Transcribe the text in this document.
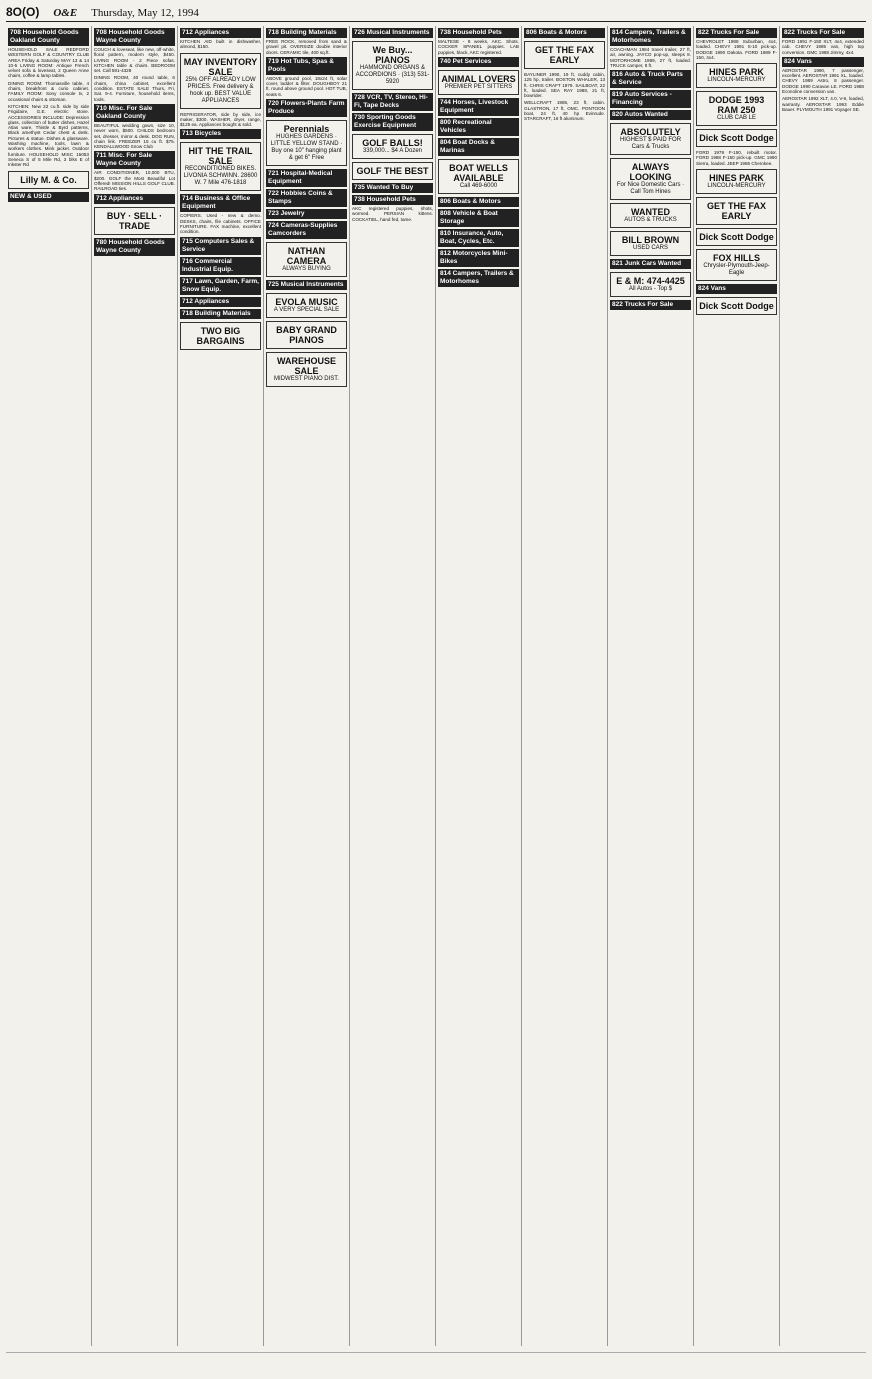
8O(O) O&E Thursday, May 12, 1994
708 Household Goods Oakland County
HOUSEHOLD SALE REDFORD WESTERN GOLF & COUNTRY CLUB AREA Friday & Saturday MAY 13 & 14 10-5 LIVING ROOM: Antique French velvet sofa & loveseat, 2 Queen Anne chairs, coffee & lamp tables.
DINING ROOM: Thomasville table, 4 chairs, breakfront & curio cabinet. FAMILY ROOM: Sony console tv, 2 occasional chairs & ottoman.
KITCHEN: New 22 cu.ft. side by side Frigidaire, G.E. electric stove. ACCESSORIES INCLUDE: Depression glass, collection of butter dishes, Hazel Atlas ware, Thistle & Byrd patterns, Black amethyst Cedar chest & desk. Pictures & statue. Dishes & glassware. Washing machine, tools, lawn & workers clothes. Mink jacket. Outdoor furniture. HOUSEHOLD MISC 15053 Seneca S of 5 Mile Rd, 3 blks E of Inkster Rd
Lilly M. & Co.
NEW & USED
708 Household Goods Wayne County
COUCH & loveseat, like new, off-white, floral pattern, modern style, $450. LIVING ROOM - 2 Piece sofas. KITCHEN table & chairs. BEDROOM set. Call 591-4328
DINING ROOM, 40 round table, 6 chairs, china cabinet, excellent condition. ESTATE SALE Thurs, Fri, Sat. 9-4. Furniture, household items, tools.
710 Misc. For Sale Oakland County
BEAUTIFUL wedding gown, size 10, never worn, $500. CHILDS bedroom set, dresser, mirror & desk. DOG RUN, chain link. FREEZER 15 cu ft. $75. KENDALLWOOD Snow Club
711 Misc. For Sale Wayne County
AIR CONDITIONER, 10,000 BTU, $200. GOLF the Most Beautiful Lot Offered! MISSION HILLS GOLF CLUB. RAILROAD ties.
712 Appliances
BUY · SELL · TRADE
780 Household Goods Wayne County
712 Appliances
KITCHEN AID built in dishwasher, almond, $150.
MAY INVENTORY SALE
25% OFF ALREADY LOW PRICES. Free delivery & hook up. BEST VALUE APPLIANCES
REFRIGERATOR, side by side, ice maker, $300. WASHER, dryer, range, $125 ea. Appliances bought & sold.
713 Bicycles
HIT THE TRAIL SALE
RECONDITIONED BIKES. LIVONIA SCHWINN. 28600 W. 7 Mile 476-1818
714 Business & Office Equipment
COPIERS. Used - new & demo. DESKS, chairs, file cabinets. OFFICE FURNITURE. FAX machine, excellent condition.
715 Computers Sales & Service
716 Commercial Industrial Equip.
717 Lawn, Garden, Farm, Snow Equip.
712 Appliances
718 Building Materials
TWO BIG BARGAINS
718 Building Materials
FREE ROCK, removed from sand & gravel pit. OVERSIZE double interior doors. CERAMIC tile, 400 sq.ft.
719 Hot Tubs, Spas & Pools
ABOVE ground pool, 18x24 ft, solar cover, ladder & filter. DOUGHBOY 21 ft. round above ground pool. HOT TUB, seats 6.
720 Flowers-Plants Farm Produce
Perennials
HUGHES GARDENS · LITTLE YELLOW STAND · Buy one 10" hanging plant & get 6" Free
721 Hospital-Medical Equipment
722 Hobbies Coins & Stamps
723 Jewelry
724 Cameras-Supplies Camcorders
NATHAN CAMERA
ALWAYS BUYING
725 Musical Instruments
EVOLA MUSIC
A VERY SPECIAL SALE
BABY GRAND PIANOS
WAREHOUSE SALE
MIDWEST PIANO DIST.
726 Musical Instruments
We Buy... PIANOS
HAMMOND ORGANS & ACCORDIONS · (313) 531-5920
728 VCR, TV, Stereo, Hi-Fi, Tape Decks
730 Sporting Goods Exercise Equipment
GOLF BALLS!
339,000... $4 A Dozen
GOLF THE BEST
735 Wanted To Buy
738 Household Pets
AKC registered puppies, shots, wormed. PERSIAN kittens. COCKATIEL, hand fed, tame.
738 Household Pets
MALTESE - 8 weeks, AKC. Shots. COCKER SPANIEL puppies. LAB puppies, black, AKC registered.
740 Pet Services
ANIMAL LOVERS
PREMIER PET SITTERS
744 Horses, Livestock Equipment
800 Recreational Vehicles
804 Boat Docks & Marinas
BOAT WELLS AVAILABLE
Call 469-6000
806 Boats & Motors
808 Vehicle & Boat Storage
810 Insurance, Auto, Boat, Cycles, Etc.
812 Motorcycles Mini-Bikes
814 Campers, Trailers & Motorhomes
806 Boats & Motors
GET THE FAX EARLY
BAYLINER 1990, 19 ft, cuddy cabin, 125 hp, trailer. BOSTON WHALER, 13 ft. CHRIS CRAFT 1979. SAILBOAT, 22 ft, loaded. SEA RAY 1988, 21 ft, bowrider.
WELLCRAFT 1985, 23 ft, cabin. GLASTRON, 17 ft, OMC. PONTOON boat, 24 ft, 40 hp Evinrude. STARCRAFT, 16 ft aluminum.
814 Campers, Trailers & Motorhomes
COACHMAN 1984 travel trailer, 27 ft, air, awning. JAYCO pop-up, sleeps 8. MOTORHOME 1989, 27 ft, loaded. TRUCK camper, 8 ft.
816 Auto & Truck Parts & Service
819 Auto Services - Financing
820 Autos Wanted
ABSOLUTELY
HIGHEST $ PAID FOR Cars & Trucks
ALWAYS LOOKING
For Nice Domestic Cars · Call Tom Hines
WANTED
AUTOS & TRUCKS
BILL BROWN
USED CARS
821 Junk Cars Wanted
E & M: 474-4425
All Autos - Top $
822 Trucks For Sale
822 Trucks For Sale
CHEVROLET 1988 Suburban, 4x4, loaded. CHEVY 1991 S-10 pick-up. DODGE 1990 Dakota. FORD 1989 F-150, 4x4.
HINES PARK
LINCOLN-MERCURY
DODGE 1993 RAM 250
CLUB CAB LE
Dick Scott Dodge
FORD 1979 F-150, rebuilt motor. FORD 1988 F-150 pick-up. GMC 1990 Sierra, loaded. JEEP 1986 Cherokee.
HINES PARK
LINCOLN-MERCURY
GET THE FAX EARLY
Dick Scott Dodge
FOX HILLS
Chrysler-Plymouth-Jeep-Eagle
824 Vans
Dick Scott Dodge
822 Trucks For Sale
FORD 1991 F-150 XLT, 4x4, extended cab. CHEVY 1985 van, high top conversion. GMC 1988 Jimmy, 4x4.
824 Vans
AEROSTAR 1990, 7 passenger, excellent. AEROSTAR 1991 XL, loaded. CHEVY 1989 Astro, 8 passenger. DODGE 1990 Caravan LE. FORD 1988 Econoline conversion van.
AEROSTAR 1992 XLT, 4.0, V-6, loaded, warranty. AEROSTAR 1993 Eddie Bauer. PLYMOUTH 1991 Voyager SE.
